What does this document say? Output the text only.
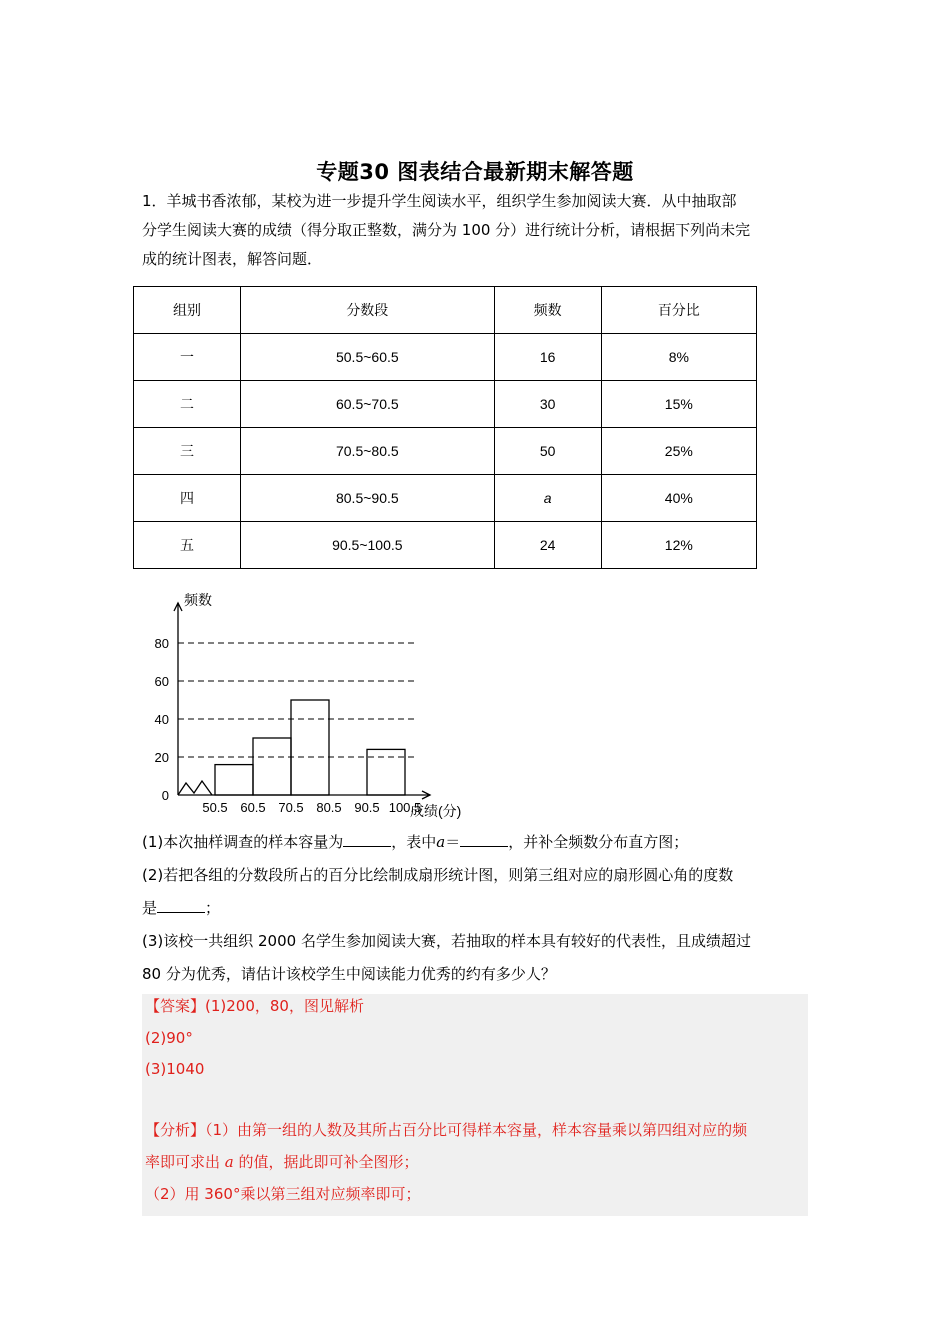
专题30 图表结合最新期末解答题
1．羊城书香浓郁，某校为进一步提升学生阅读水平，组织学生参加阅读大赛．从中抽取部
分学生阅读大赛的成绩（得分取正整数，满分为 100 分）进行统计分析，请根据下列尚未完
成的统计图表，解答问题．
组别	分数段	频数	百分比
一	50.5~60.5	16	8%
二	60.5~70.5	30	15%
三	70.5~80.5	50	25%
四	80.5~90.5	a	40%
五	90.5~100.5	24	12%
0
20
40
60
80
50.5 60.5 70.5 80.5 90.5 100.5
频数
成绩(分)
(1)本次抽样调查的样本容量为	，表中a＝	，并补全频数分布直方图；
(2)若把各组的分数段所占的百分比绘制成扇形统计图，则第三组对应的扇形圆心角的度数
是	；
(3)该校一共组织 2000 名学生参加阅读大赛，若抽取的样本具有较好的代表性，且成绩超过
80 分为优秀，请估计该校学生中阅读能力优秀的约有多少人？
【答案】(1)200，80，图见解析
(2)90°
(3)1040
【分析】（1）由第一组的人数及其所占百分比可得样本容量，样本容量乘以第四组对应的频
率即可求出 a 的值，据此即可补全图形；
（2）用 360°乘以第三组对应频率即可；
